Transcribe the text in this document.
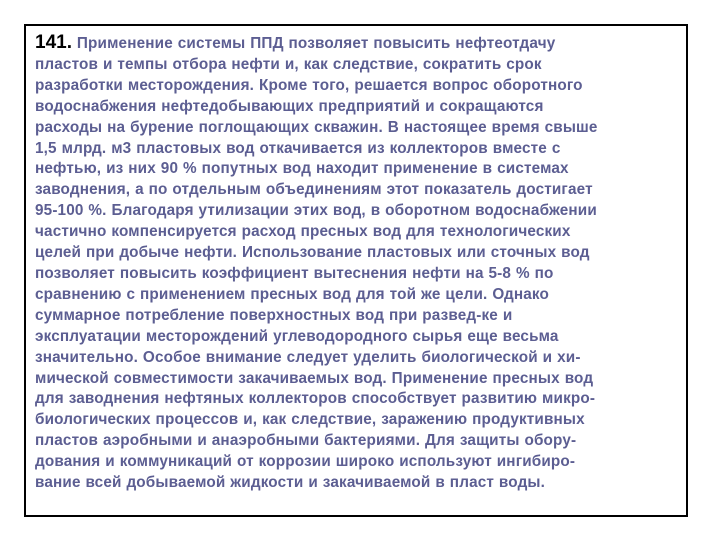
141. Применение системы ППД позволяет повысить нефтеотдачу
пластов и темпы отбора нефти и, как следствие, сократить срок
разработки месторождения. Кроме того, решается вопрос оборотного
водоснабжения нефтедобывающих предприятий и сокращаются
расходы на бурение поглощающих скважин. В настоящее время свыше
1,5 млрд. м3 пластовых вод откачивается из коллекторов вместе с
нефтью, из них 90 % попутных вод находит применение в системах
заводнения, а по отдельным объединениям этот показатель достигает
95-100 %. Благодаря утилизации этих вод, в оборотном водоснабжении
частично компенсируется расход пресных вод для технологических
целей при добыче нефти. Использование пластовых или сточных вод
позволяет повысить коэффициент вытеснения нефти на 5-8 % по
сравнению с применением пресных вод для той же цели. Однако
суммарное потребление поверхностных вод при развед-ке и
эксплуатации месторождений углеводородного сырья еще весьма
значительно. Особое внимание следует уделить биологической и хи-
мической совместимости закачиваемых вод. Применение пресных вод
для заводнения нефтяных коллекторов способствует развитию микро-
биологических процессов и, как следствие, заражению продуктивных
пластов аэробными и анаэробными бактериями. Для защиты обору-
дования и коммуникаций от коррозии широко используют ингибиро-
вание всей добываемой жидкости и закачиваемой в пласт воды.
